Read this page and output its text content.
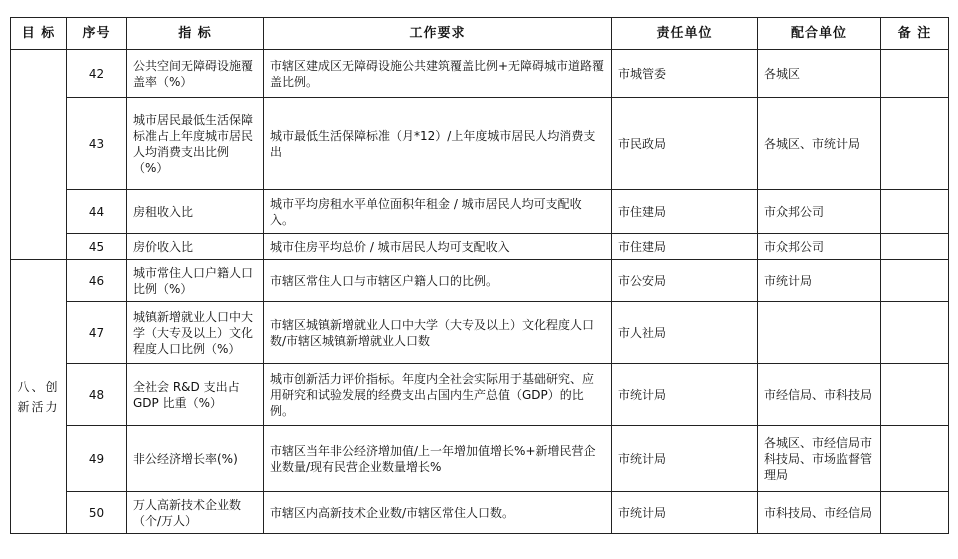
目 标	序号	指 标	工作要求	责任单位	配合单位	备 注
	42	公共空间无障碍设施覆盖率（%）	市辖区建成区无障碍设施公共建筑覆盖比例+无障碍城市道路覆盖比例。	市城管委	各城区	
	43	城市居民最低生活保障标准占上年度城市居民人均消费支出比例（%）	城市最低生活保障标准（月*12）/上年度城市居民人均消费支出	市民政局	各城区、市统计局	
	44	房租收入比	城市平均房租水平单位面积年租金 / 城市居民人均可支配收入。	市住建局	市众邦公司	
	45	房价收入比	城市住房平均总价 / 城市居民人均可支配收入	市住建局	市众邦公司	
八、创新活力	46	城市常住人口户籍人口比例（%）	市辖区常住人口与市辖区户籍人口的比例。	市公安局	市统计局	
	47	城镇新增就业人口中大学（大专及以上）文化程度人口比例（%）	市辖区城镇新增就业人口中大学（大专及以上）文化程度人口数/市辖区城镇新增就业人口数	市人社局		
	48	全社会 R&D 支出占 GDP 比重（%）	城市创新活力评价指标。年度内全社会实际用于基础研究、应用研究和试验发展的经费支出占国内生产总值（GDP）的比例。	市统计局	市经信局、市科技局	
	49	非公经济增长率(%)	市辖区当年非公经济增加值/上一年增加值增长%+新增民营企业数量/现有民营企业数量增长%	市统计局	各城区、市经信局市科技局、市场监督管理局	
	50	万人高新技术企业数（个/万人）	市辖区内高新技术企业数/市辖区常住人口数。	市统计局	市科技局、市经信局	
